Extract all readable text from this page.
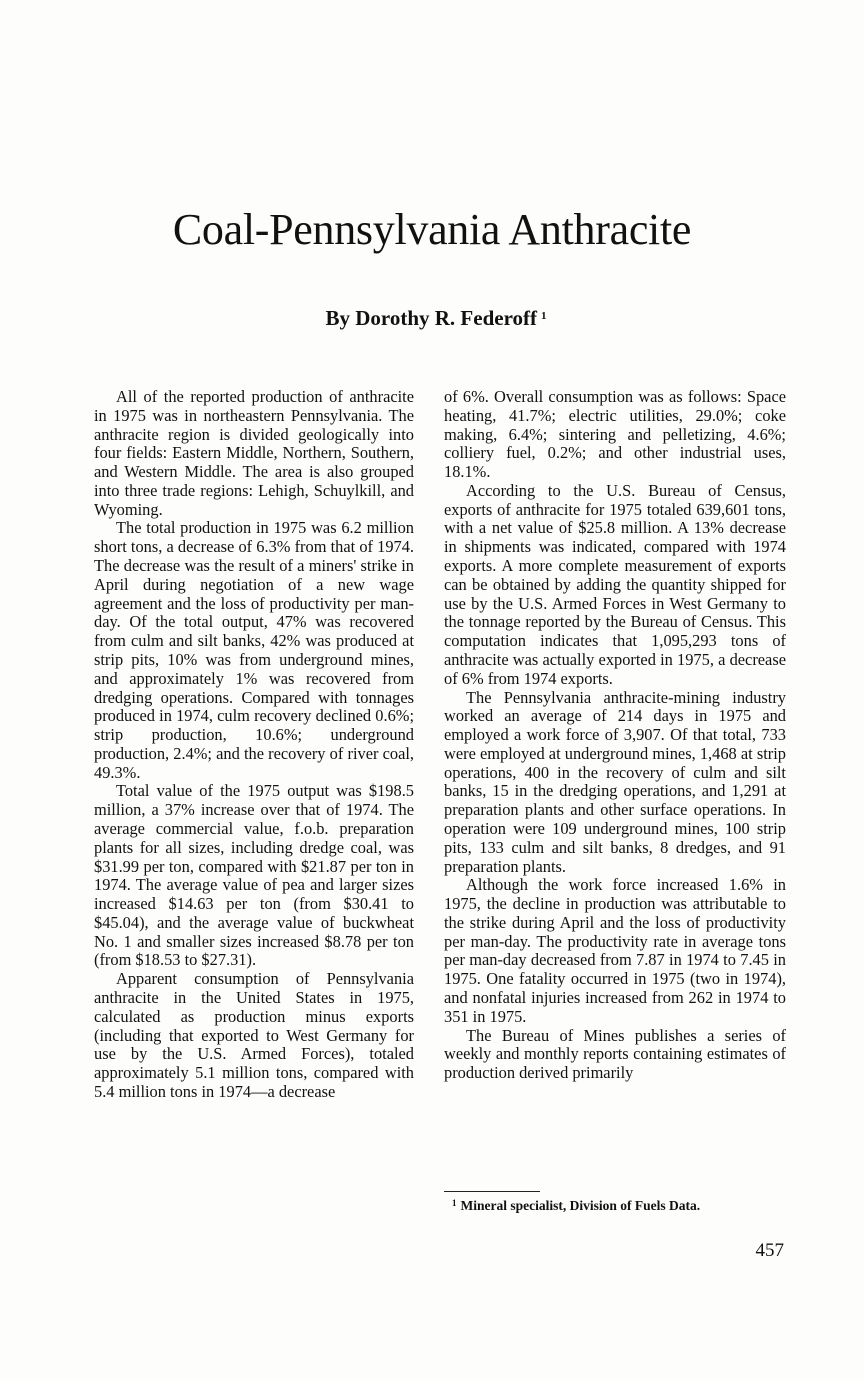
Coal-Pennsylvania Anthracite

By Dorothy R. Federoff $^1$

All of the reported production of anthracite in 1975 was in northeastern Pennsylvania. The anthracite region is divided geologically into four fields: Eastern Middle, Northern, Southern, and Western Middle. The area is also grouped into three trade regions: Lehigh, Schuylkill, and Wyoming.

The total production in 1975 was 6.2 million short tons, a decrease of 6.3% from that of 1974. The decrease was the result of a miners' strike in April during negotiation of a new wage agreement and the loss of productivity per man-day. Of the total output, 47% was recovered from culm and silt banks, 42% was produced at strip pits, 10% was from underground mines, and approximately 1% was recovered from dredging operations. Compared with tonnages produced in 1974, culm recovery declined 0.6%; strip production, 10.6%; underground production, 2.4%; and the recovery of river coal, 49.3%.

Total value of the 1975 output was $198.5 million, a 37% increase over that of 1974. The average commercial value, f.o.b. preparation plants for all sizes, including dredge coal, was $31.99 per ton, compared with $21.87 per ton in 1974. The average value of pea and larger sizes increased $14.63 per ton (from $30.41 to $45.04), and the average value of buckwheat No. 1 and smaller sizes increased $8.78 per ton (from $18.53 to $27.31).

Apparent consumption of Pennsylvania anthracite in the United States in 1975, calculated as production minus exports (including that exported to West Germany for use by the U.S. Armed Forces), totaled approximately 5.1 million tons, compared with 5.4 million tons in 1974—a decrease

of 6%. Overall consumption was as follows: Space heating, 41.7%; electric utilities, 29.0%; coke making, 6.4%; sintering and pelletizing, 4.6%; colliery fuel, 0.2%; and other industrial uses, 18.1%.

According to the U.S. Bureau of Census, exports of anthracite for 1975 totaled 639,601 tons, with a net value of $25.8 million. A 13% decrease in shipments was indicated, compared with 1974 exports. A more complete measurement of exports can be obtained by adding the quantity shipped for use by the U.S. Armed Forces in West Germany to the tonnage reported by the Bureau of Census. This computation indicates that 1,095,293 tons of anthracite was actually exported in 1975, a decrease of 6% from 1974 exports.

The Pennsylvania anthracite-mining industry worked an average of 214 days in 1975 and employed a work force of 3,907. Of that total, 733 were employed at underground mines, 1,468 at strip operations, 400 in the recovery of culm and silt banks, 15 in the dredging operations, and 1,291 at preparation plants and other surface operations. In operation were 109 underground mines, 100 strip pits, 133 culm and silt banks, 8 dredges, and 91 preparation plants.

Although the work force increased 1.6% in 1975, the decline in production was attributable to the strike during April and the loss of productivity per man-day. The productivity rate in average tons per man-day decreased from 7.87 in 1974 to 7.45 in 1975. One fatality occurred in 1975 (two in 1974), and nonfatal injuries increased from 262 in 1974 to 351 in 1975.

The Bureau of Mines publishes a series of weekly and monthly reports containing estimates of production derived primarily

$^1$ Mineral specialist, Division of Fuels Data.

457
